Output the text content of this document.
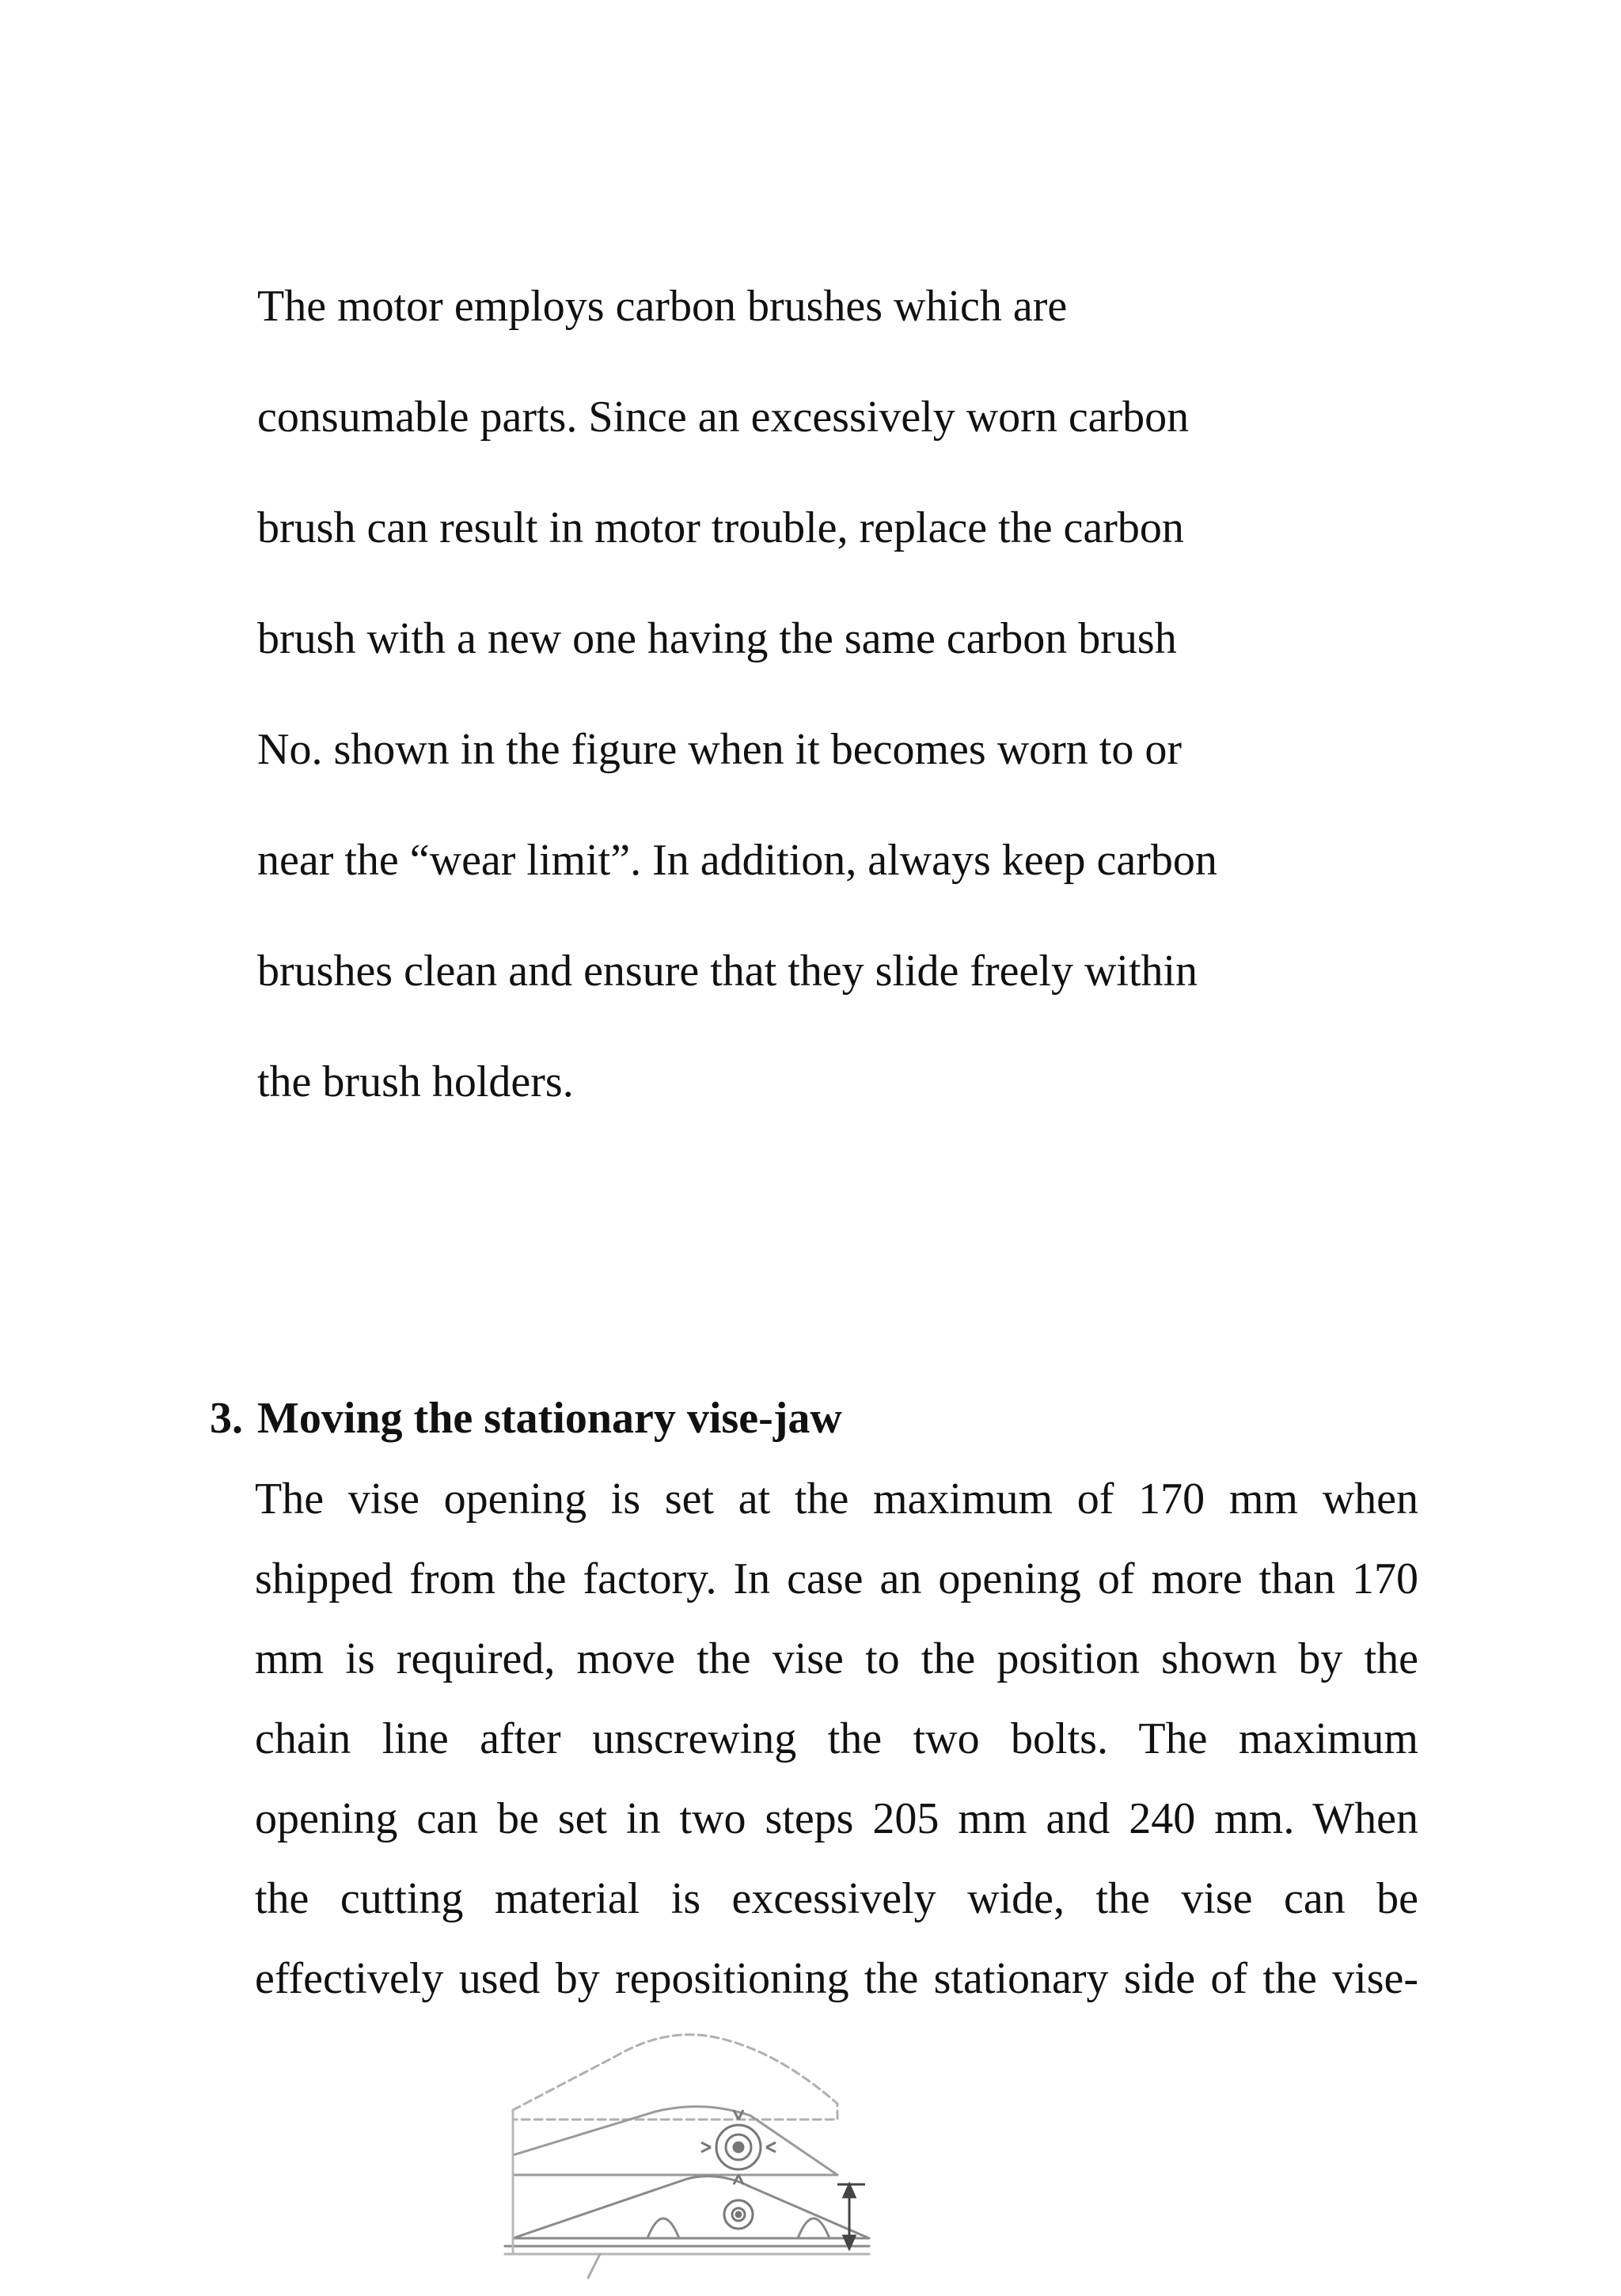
The motor employs carbon brushes which are
consumable parts. Since an excessively worn carbon
brush can result in motor trouble, replace the carbon
brush with a new one having the same carbon brush
No. shown in the figure when it becomes worn to or
near the “wear limit”. In addition, always keep carbon
brushes clean and ensure that they slide freely within
the brush holders.
3. Moving the stationary vise-jaw
The vise opening is set at the maximum of 170 mm when
shipped from the factory. In case an opening of more than 170
mm is required, move the vise to the position shown by the
chain line after unscrewing the two bolts. The maximum
opening can be set in two steps 205 mm and 240 mm. When
the cutting material is excessively wide, the vise can be
effectively used by repositioning the stationary side of the vise-
